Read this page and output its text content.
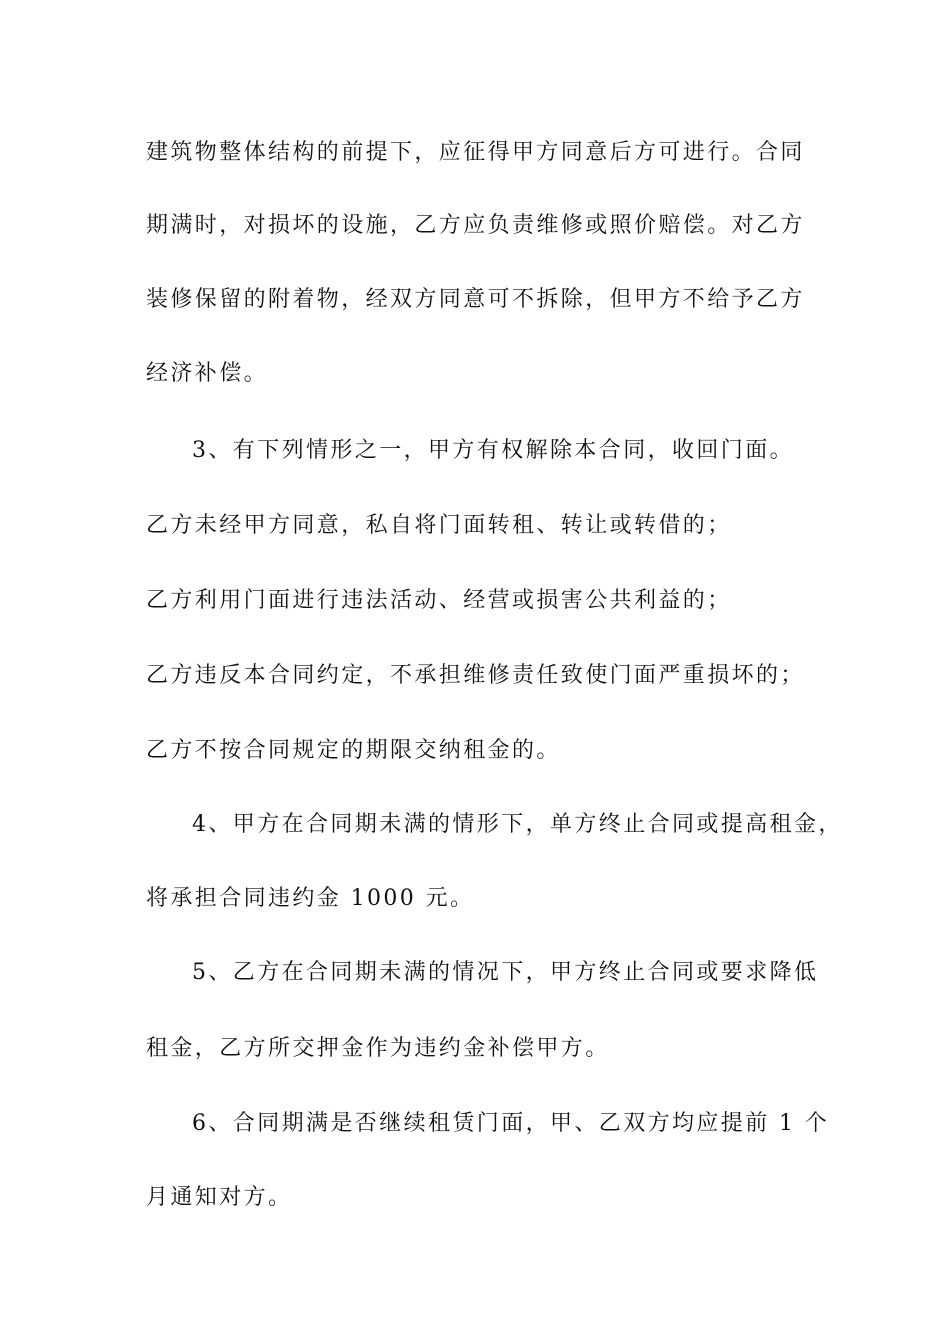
建筑物整体结构的前提下，应征得甲方同意后方可进行。合同
期满时，对损坏的设施，乙方应负责维修或照价赔偿。对乙方
装修保留的附着物，经双方同意可不拆除，但甲方不给予乙方
经济补偿。
3、有下列情形之一，甲方有权解除本合同，收回门面。
乙方未经甲方同意，私自将门面转租、转让或转借的；
乙方利用门面进行违法活动、经营或损害公共利益的；
乙方违反本合同约定，不承担维修责任致使门面严重损坏的；
乙方不按合同规定的期限交纳租金的。
4、甲方在合同期未满的情形下，单方终止合同或提高租金，
将承担合同违约金 1000 元。
5、乙方在合同期未满的情况下，甲方终止合同或要求降低
租金，乙方所交押金作为违约金补偿甲方。
6、合同期满是否继续租赁门面，甲、乙双方均应提前 1 个
月通知对方。
